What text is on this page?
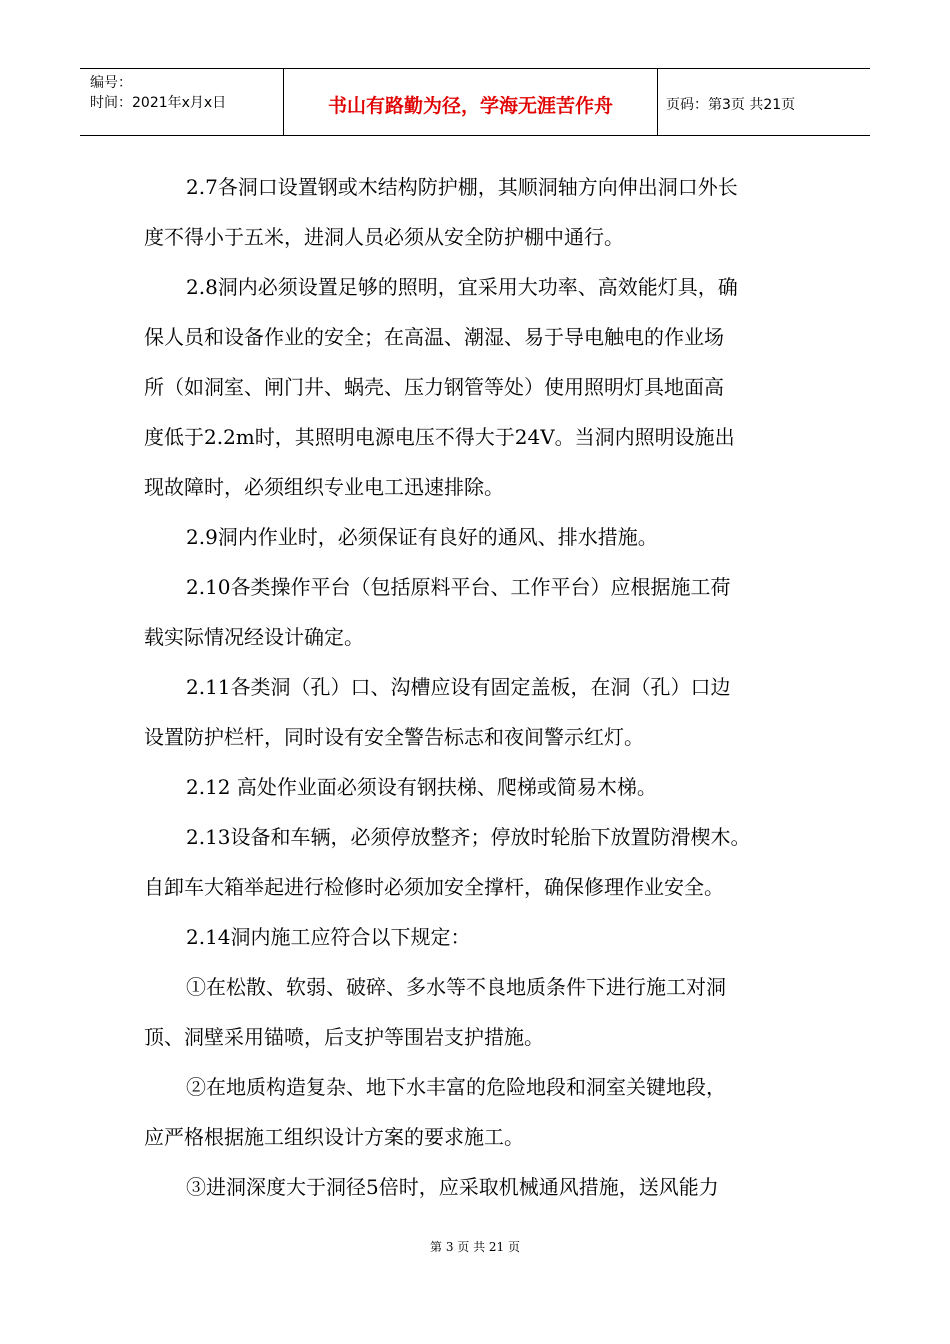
编号：
时间：2021年x月x日	书山有路勤为径，学海无涯苦作舟	页码：第3页 共21页

2.7各洞口设置钢或木结构防护棚，其顺洞轴方向伸出洞口外长

度不得小于五米，进洞人员必须从安全防护棚中通行。

2.8洞内必须设置足够的照明，宜采用大功率、高效能灯具，确

保人员和设备作业的安全；在高温、潮湿、易于导电触电的作业场

所（如洞室、闸门井、蜗壳、压力钢管等处）使用照明灯具地面高

度低于2.2m时，其照明电源电压不得大于24V。当洞内照明设施出

现故障时，必须组织专业电工迅速排除。

2.9洞内作业时，必须保证有良好的通风、排水措施。

2.10各类操作平台（包括原料平台、工作平台）应根据施工荷

载实际情况经设计确定。

2.11各类洞（孔）口、沟槽应设有固定盖板，在洞（孔）口边

设置防护栏杆，同时设有安全警告标志和夜间警示红灯。

2.12 高处作业面必须设有钢扶梯、爬梯或简易木梯。

2.13设备和车辆，必须停放整齐；停放时轮胎下放置防滑楔木。

自卸车大箱举起进行检修时必须加安全撑杆，确保修理作业安全。

2.14洞内施工应符合以下规定：

①在松散、软弱、破碎、多水等不良地质条件下进行施工对洞

顶、洞壁采用锚喷，后支护等围岩支护措施。

②在地质构造复杂、地下水丰富的危险地段和洞室关键地段，

应严格根据施工组织设计方案的要求施工。

③进洞深度大于洞径5倍时，应采取机械通风措施，送风能力

第 3 页 共 21 页
